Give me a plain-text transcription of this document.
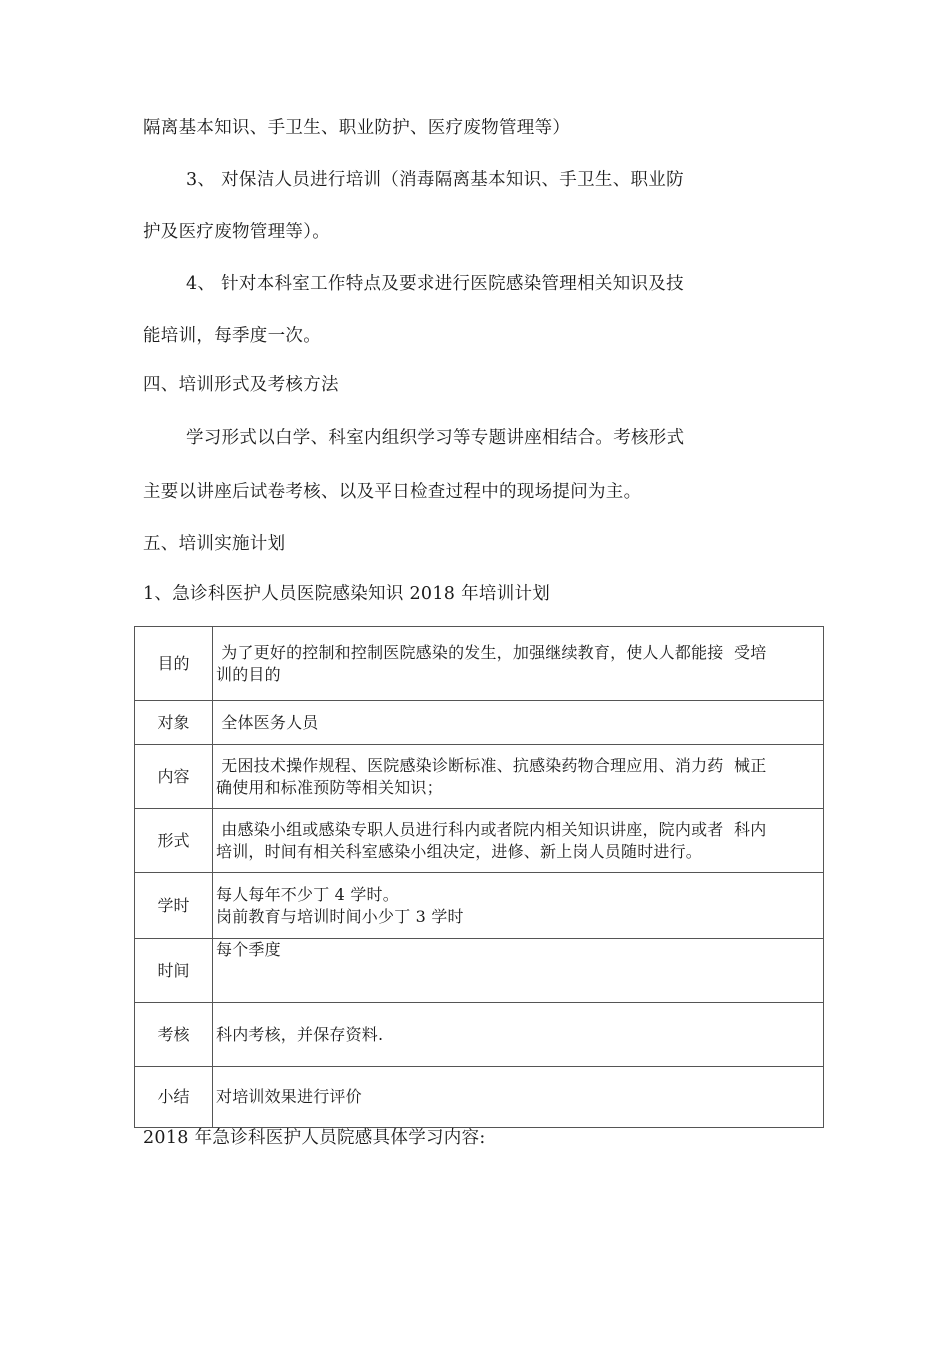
隔离基本知识、手卫生、职业防护、医疗废物管理等）
3、 对保洁人员进行培训（消毒隔离基本知识、手卫生、职业防
护及医疗废物管理等）。
4、 针对本科室工作特点及要求进行医院感染管理相关知识及技
能培训，每季度一次。
四、培训形式及考核方法
学习形式以白学、科室内组织学习等专题讲座相结合。考核形式
主要以讲座后试卷考核、以及平日检查过程中的现场提问为主。
五、培训实施计划
1、急诊科医护人员医院感染知识 2018 年培训计划
目的	为了更好的控制和控制医院感染的发生，加强继续教育，使人人都能接  受培
训的目的

对象	全体医务人员

内容	无困技术操作规程、医院感染诊断标准、抗感染药物合理应用、消力药  械正
确使用和标准预防等相关知识；

形式	由感染小组或感染专职人员进行科内或者院内相关知识讲座，院内或者  科内
培训，时间有相关科室感染小组决定，进修、新上岗人员随时进行。

学时	每人每年不少丁 4 学时。
岗前教育与培训时间小少丁 3 学时

时间	每个季度

考核	科内考核，并保存资料.

小结	对培训效果进行评价
2018 年急诊科医护人员院感具体学习内容:
